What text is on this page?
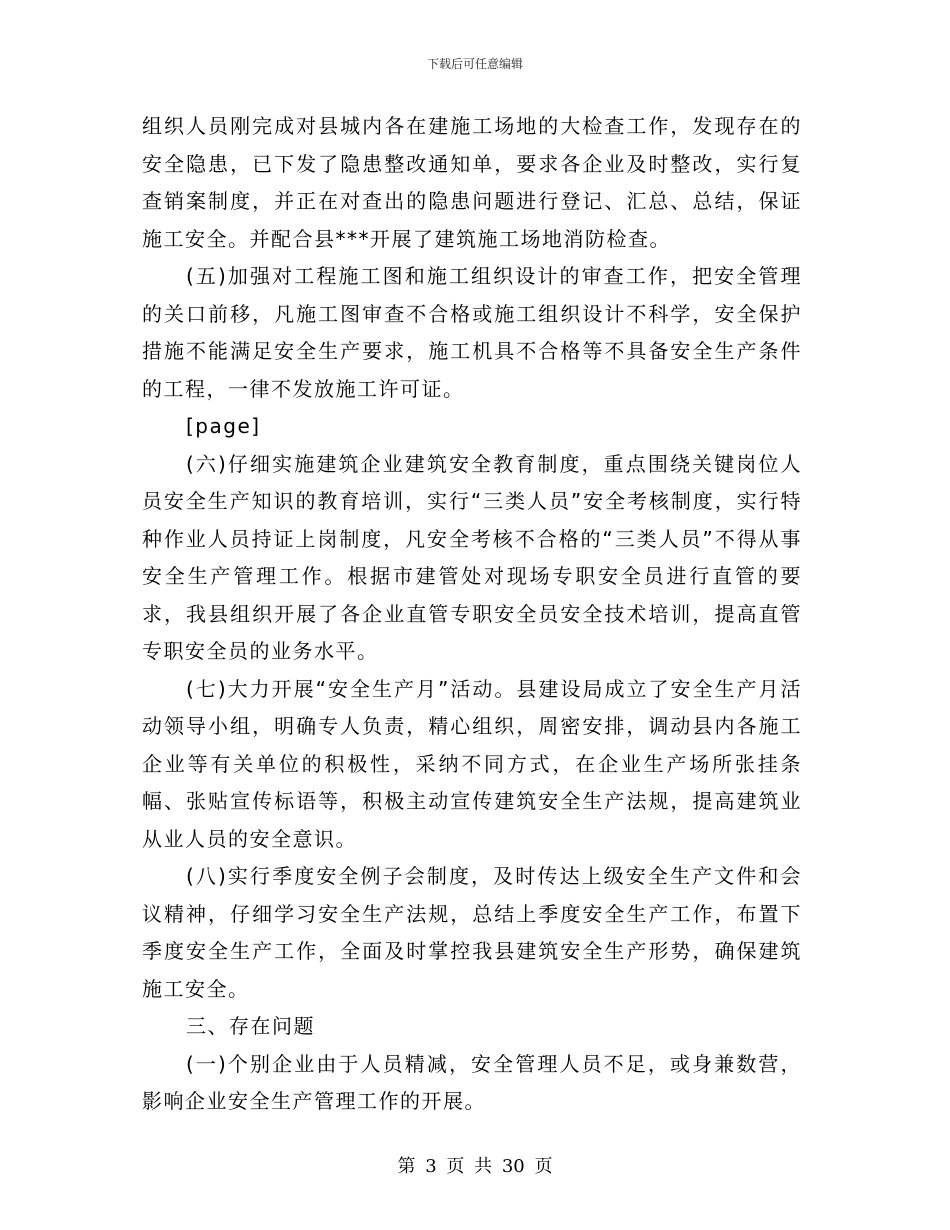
下载后可任意编辑

组织人员刚完成对县城内各在建施工场地的大检查工作，发现存在的安全隐患，已下发了隐患整改通知单，要求各企业及时整改，实行复查销案制度，并正在对查出的隐患问题进行登记、汇总、总结，保证施工安全。并配合县***开展了建筑施工场地消防检查。

(五)加强对工程施工图和施工组织设计的审查工作，把安全管理的关口前移，凡施工图审查不合格或施工组织设计不科学，安全保护措施不能满足安全生产要求，施工机具不合格等不具备安全生产条件的工程，一律不发放施工许可证。

[page]

(六)仔细实施建筑企业建筑安全教育制度，重点围绕关键岗位人员安全生产知识的教育培训，实行“三类人员”安全考核制度，实行特种作业人员持证上岗制度，凡安全考核不合格的“三类人员”不得从事安全生产管理工作。根据市建管处对现场专职安全员进行直管的要求，我县组织开展了各企业直管专职安全员安全技术培训，提高直管专职安全员的业务水平。

(七)大力开展“安全生产月”活动。县建设局成立了安全生产月活动领导小组，明确专人负责，精心组织，周密安排，调动县内各施工企业等有关单位的积极性，采纳不同方式，在企业生产场所张挂条幅、张贴宣传标语等，积极主动宣传建筑安全生产法规，提高建筑业从业人员的安全意识。

(八)实行季度安全例子会制度，及时传达上级安全生产文件和会议精神，仔细学习安全生产法规，总结上季度安全生产工作，布置下季度安全生产工作，全面及时掌控我县建筑安全生产形势，确保建筑施工安全。

三、存在问题

(一)个别企业由于人员精减，安全管理人员不足，或身兼数营，影响企业安全生产管理工作的开展。

第 3 页 共 30 页
